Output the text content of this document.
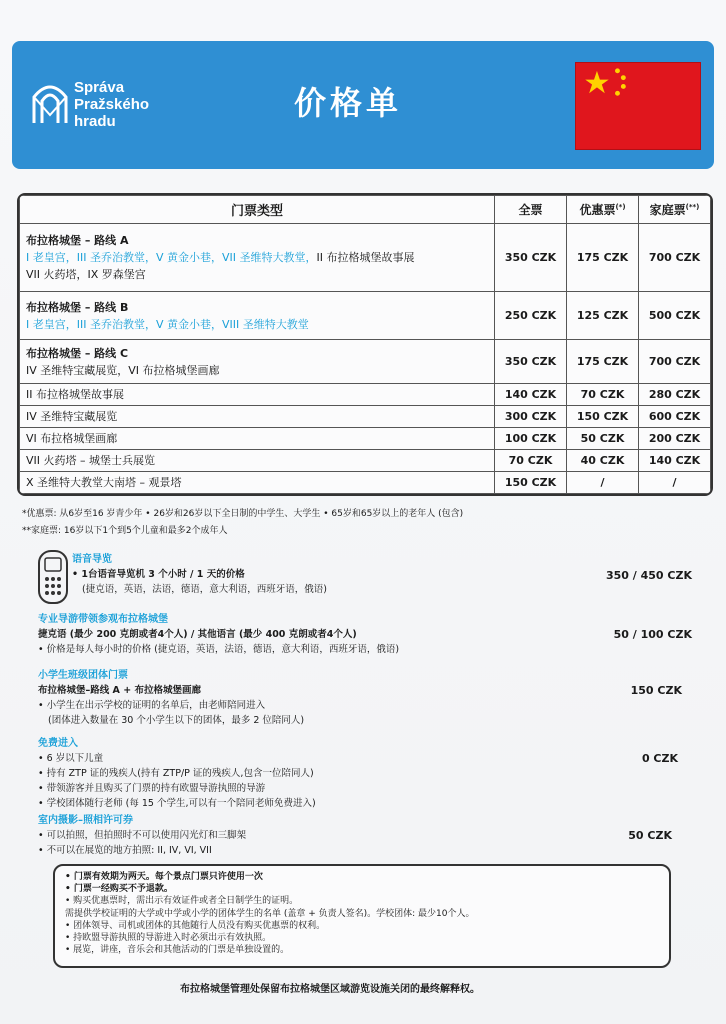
Správa
Pražského
hradu	价格单
门票类型	全票	优惠票(*)	家庭票(**)

布拉格城堡 – 路线 A
I 老皇宫，III 圣乔治教堂，V 黄金小巷，VII 圣维特大教堂，II 布拉格城堡故事展
VII 火药塔，IX 罗森堡宫	350 CZK	175 CZK	700 CZK

布拉格城堡 – 路线 B
I 老皇宫，III 圣乔治教堂，V 黄金小巷，VIII 圣维特大教堂	250 CZK	125 CZK	500 CZK

布拉格城堡 – 路线 C
IV 圣维特宝藏展览，VI 布拉格城堡画廊	350 CZK	175 CZK	700 CZK
II 布拉格城堡故事展	140 CZK	70 CZK	280 CZK
IV 圣维特宝藏展览	300 CZK	150 CZK	600 CZK
VI 布拉格城堡画廊	100 CZK	50 CZK	200 CZK
VII 火药塔 – 城堡士兵展览	70 CZK	40 CZK	140 CZK
X 圣维特大教堂大南塔 – 观景塔	150 CZK	/	/
*优惠票: 从6岁至16 岁青少年 • 26岁和26岁以下全日制的中学生、大学生 • 65岁和65岁以上的老年人 (包含)
**家庭票: 16岁以下1个到5个儿童和最多2个成年人
语音导览
• 1台语音导览机 3 个小时 / 1 天的价格	350 / 450 CZK
(捷克语，英语，法语，德语，意大利语，西班牙语，俄语)
专业导游带领参观布拉格城堡
捷克语 (最少 200 克朗或者4个人) / 其他语言 (最少 400 克朗或者4个人)	50 / 100 CZK
• 价格是每人每小时的价格 (捷克语，英语，法语，德语，意大利语，西班牙语，俄语)
小学生班级团体门票
布拉格城堡–路线 A + 布拉格城堡画廊	150 CZK
• 小学生在出示学校的证明的名单后，由老师陪同进入
(团体进入数量在 30 个小学生以下的团体，最多 2 位陪同人)
免费进入
• 6 岁以下儿童	0 CZK
• 持有 ZTP 证的残疾人(持有 ZTP/P 证的残疾人,包含一位陪同人)
• 带领游客并且购买了门票的持有欧盟导游执照的导游
• 学校团体随行老师 (每 15 个学生,可以有一个陪同老师免费进入)
室内摄影–照相许可券
• 可以拍照，但拍照时不可以使用闪光灯和三脚架	50 CZK
• 不可以在展览的地方拍照: II, IV, VI, VII
• 门票有效期为两天。每个景点门票只许使用一次
• 门票一经购买不予退款。
• 购买优惠票时，需出示有效证件或者全日制学生的证明。
需提供学校证明的大学或中学或小学的团体学生的名单 (盖章 + 负责人签名)。学校团体: 最少10个人。
• 团体领导、司机或团体的其他随行人员没有购买优惠票的权利。
• 持欧盟导游执照的导游进入时必须出示有效执照。
• 展览，讲座，音乐会和其他活动的门票是单独设置的。
布拉格城堡管理处保留布拉格城堡区域游览设施关闭的最终解释权。
